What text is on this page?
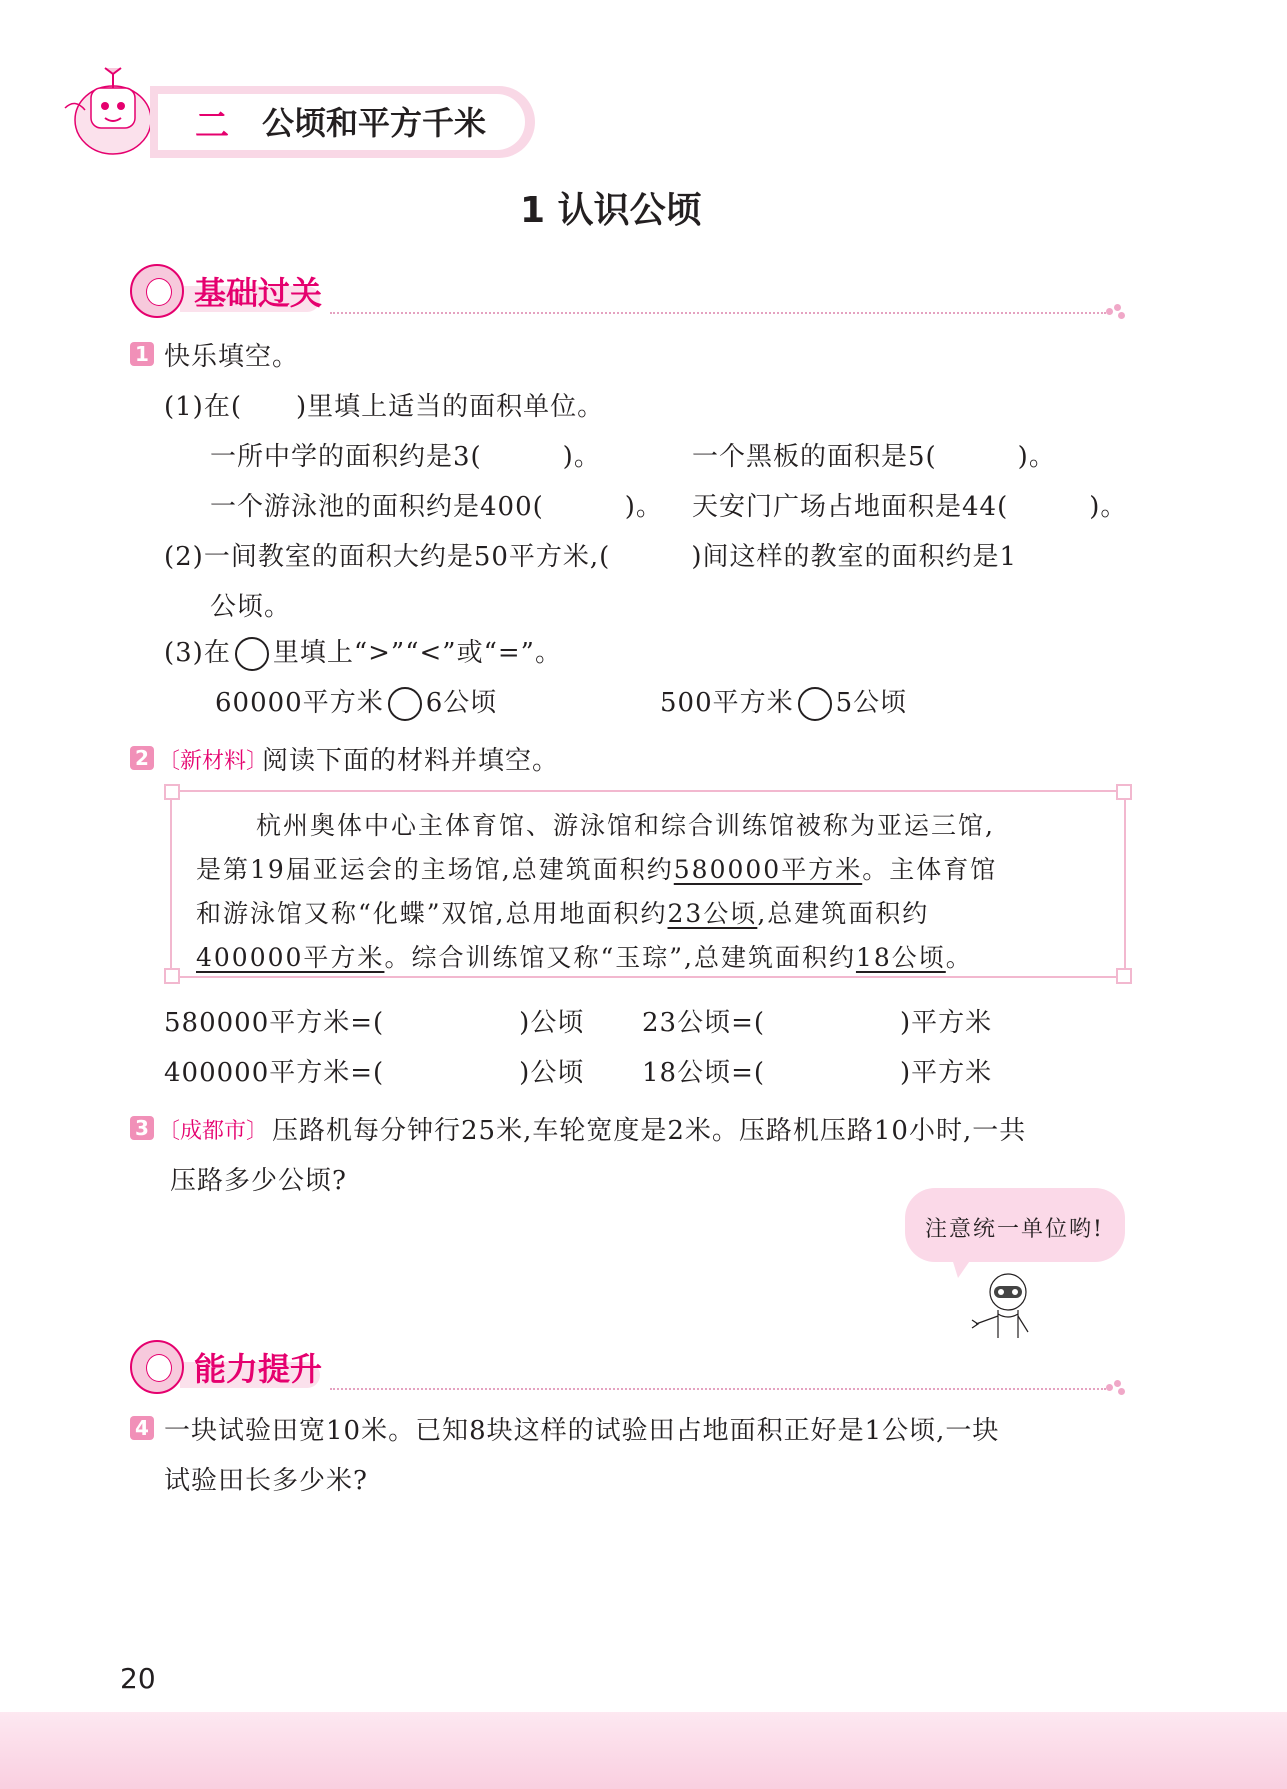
二 公顷和平方千米
1 认识公顷
基础过关
1 快乐填空。
(1)在(　　)里填上适当的面积单位。
一所中学的面积约是3(　　　)。	一个黑板的面积是5(　　　)。
一个游泳池的面积约是400(　　　)。 天安门广场占地面积是44(　　　)。
(2)一间教室的面积大约是50平方米,(　　　)间这样的教室的面积约是1
公顷。
(3)在 里填上“>”“<”或“=”。
60000平方米 6公顷	500平方米 5公顷
2 〔新材料〕
阅读下面的材料并填空。
杭州奥体中心主体育馆、游泳馆和综合训练馆被称为亚运三馆,
是第19届亚运会的主场馆,总建筑面积约580000平方米。主体育馆
和游泳馆又称“化蝶”双馆,总用地面积约23公顷,总建筑面积约
400000平方米。综合训练馆又称“玉琮”,总建筑面积约18公顷。
580000平方米=(　　　　　)公顷 23公顷=(　　　　　)平方米
400000平方米=(　　　　　)公顷 18公顷=(　　　　　)平方米
3 〔成都市〕 压路机每分钟行25米,车轮宽度是2米。压路机压路10小时,一共
压路多少公顷?
注意统一单位哟!
能力提升
4 一块试验田宽10米。已知8块这样的试验田占地面积正好是1公顷,一块
试验田长多少米?
20
